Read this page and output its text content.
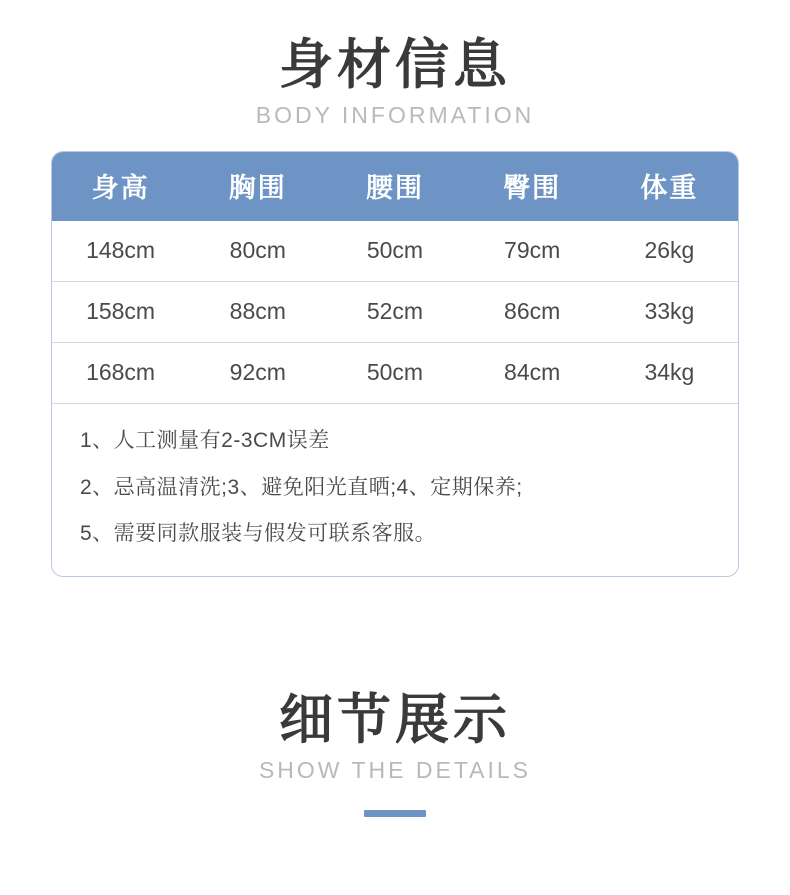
身材信息
BODY INFORMATION
身高	胸围	腰围	臀围	体重
148cm	80cm	50cm	79cm	26kg
158cm	88cm	52cm	86cm	33kg
168cm	92cm	50cm	84cm	34kg
1、人工测量有2-3CM误差
2、忌高温清洗;3、避免阳光直晒;4、定期保养;
5、需要同款服装与假发可联系客服。
细节展示
SHOW THE DETAILS
